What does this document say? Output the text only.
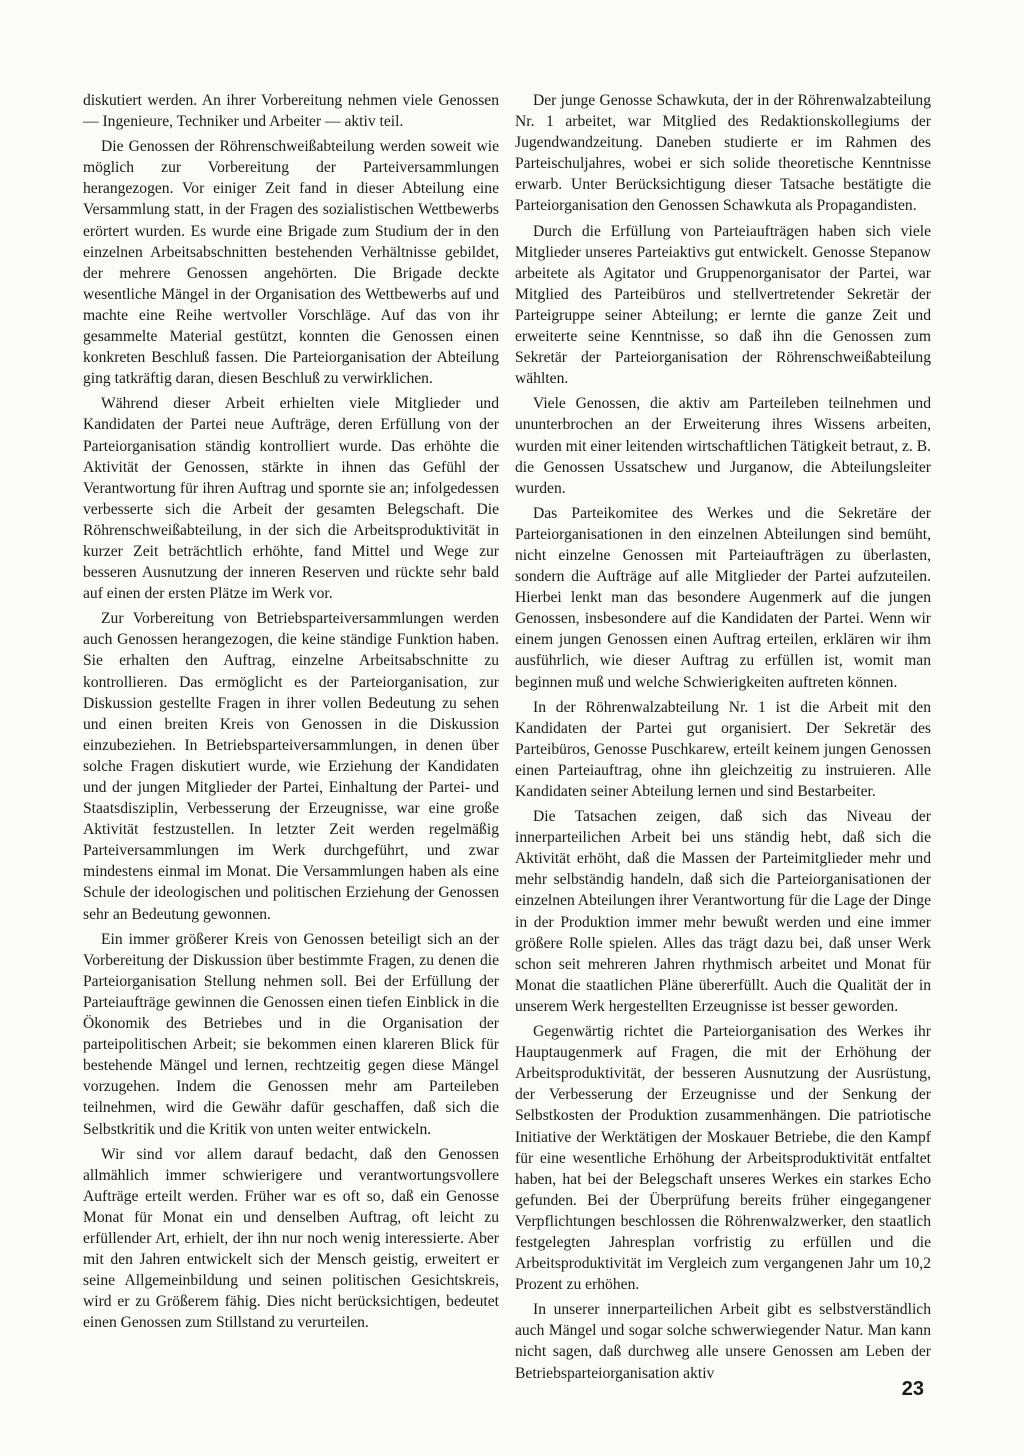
diskutiert werden. An ihrer Vorbereitung nehmen viele Genossen — Ingenieure, Techniker und Arbeiter — aktiv teil.

Die Genossen der Röhrenschweißabteilung werden soweit wie möglich zur Vorbereitung der Parteiversammlungen herangezogen. Vor einiger Zeit fand in dieser Abteilung eine Versammlung statt, in der Fragen des sozialistischen Wettbewerbs erörtert wurden. Es wurde eine Brigade zum Studium der in den einzelnen Arbeitsabschnitten bestehenden Verhältnisse gebildet, der mehrere Genossen angehörten. Die Brigade deckte wesentliche Mängel in der Organisation des Wettbewerbs auf und machte eine Reihe wertvoller Vorschläge. Auf das von ihr gesammelte Material gestützt, konnten die Genossen einen konkreten Beschluß fassen. Die Parteiorganisation der Abteilung ging tatkräftig daran, diesen Beschluß zu verwirklichen.

Während dieser Arbeit erhielten viele Mitglieder und Kandidaten der Partei neue Aufträge, deren Erfüllung von der Parteiorganisation ständig kontrolliert wurde. Das erhöhte die Aktivität der Genossen, stärkte in ihnen das Gefühl der Verantwortung für ihren Auftrag und spornte sie an; infolgedessen verbesserte sich die Arbeit der gesamten Belegschaft. Die Röhrenschweißabteilung, in der sich die Arbeitsproduktivität in kurzer Zeit beträchtlich erhöhte, fand Mittel und Wege zur besseren Ausnutzung der inneren Reserven und rückte sehr bald auf einen der ersten Plätze im Werk vor.

Zur Vorbereitung von Betriebsparteiversammlungen werden auch Genossen herangezogen, die keine ständige Funktion haben. Sie erhalten den Auftrag, einzelne Arbeitsabschnitte zu kontrollieren. Das ermöglicht es der Parteiorganisation, zur Diskussion gestellte Fragen in ihrer vollen Bedeutung zu sehen und einen breiten Kreis von Genossen in die Diskussion einzubeziehen. In Betriebsparteiversammlungen, in denen über solche Fragen diskutiert wurde, wie Erziehung der Kandidaten und der jungen Mitglieder der Partei, Einhaltung der Partei- und Staatsdisziplin, Verbesserung der Erzeugnisse, war eine große Aktivität festzustellen. In letzter Zeit werden regelmäßig Parteiversammlungen im Werk durchgeführt, und zwar mindestens einmal im Monat. Die Versammlungen haben als eine Schule der ideologischen und politischen Erziehung der Genossen sehr an Bedeutung gewonnen.

Ein immer größerer Kreis von Genossen beteiligt sich an der Vorbereitung der Diskussion über bestimmte Fragen, zu denen die Parteiorganisation Stellung nehmen soll. Bei der Erfüllung der Parteiaufträge gewinnen die Genossen einen tiefen Einblick in die Ökonomik des Betriebes und in die Organisation der parteipolitischen Arbeit; sie bekommen einen klareren Blick für bestehende Mängel und lernen, rechtzeitig gegen diese Mängel vorzugehen. Indem die Genossen mehr am Parteileben teilnehmen, wird die Gewähr dafür geschaffen, daß sich die Selbstkritik und die Kritik von unten weiter entwickeln.

Wir sind vor allem darauf bedacht, daß den Genossen allmählich immer schwierigere und verantwortungsvollere Aufträge erteilt werden. Früher war es oft so, daß ein Genosse Monat für Monat ein und denselben Auftrag, oft leicht zu erfüllender Art, erhielt, der ihn nur noch wenig interessierte. Aber mit den Jahren entwickelt sich der Mensch geistig, erweitert er seine Allgemeinbildung und seinen politischen Gesichtskreis, wird er zu Größerem fähig. Dies nicht berücksichtigen, bedeutet einen Genossen zum Stillstand zu verurteilen.

Der junge Genosse Schawkuta, der in der Röhrenwalzabteilung Nr. 1 arbeitet, war Mitglied des Redaktionskollegiums der Jugendwandzeitung. Daneben studierte er im Rahmen des Parteischuljahres, wobei er sich solide theoretische Kenntnisse erwarb. Unter Berücksichtigung dieser Tatsache bestätigte die Parteiorganisation den Genossen Schawkuta als Propagandisten.

Durch die Erfüllung von Parteiaufträgen haben sich viele Mitglieder unseres Parteiaktivs gut entwickelt. Genosse Stepanow arbeitete als Agitator und Gruppenorganisator der Partei, war Mitglied des Parteibüros und stellvertretender Sekretär der Parteigruppe seiner Abteilung; er lernte die ganze Zeit und erweiterte seine Kenntnisse, so daß ihn die Genossen zum Sekretär der Parteiorganisation der Röhrenschweißabteilung wählten.

Viele Genossen, die aktiv am Parteileben teilnehmen und ununterbrochen an der Erweiterung ihres Wissens arbeiten, wurden mit einer leitenden wirtschaftlichen Tätigkeit betraut, z. B. die Genossen Ussatschew und Jurganow, die Abteilungsleiter wurden.

Das Parteikomitee des Werkes und die Sekretäre der Parteiorganisationen in den einzelnen Abteilungen sind bemüht, nicht einzelne Genossen mit Parteiaufträgen zu überlasten, sondern die Aufträge auf alle Mitglieder der Partei aufzuteilen. Hierbei lenkt man das besondere Augenmerk auf die jungen Genossen, insbesondere auf die Kandidaten der Partei. Wenn wir einem jungen Genossen einen Auftrag erteilen, erklären wir ihm ausführlich, wie dieser Auftrag zu erfüllen ist, womit man beginnen muß und welche Schwierigkeiten auftreten können.

In der Röhrenwalzabteilung Nr. 1 ist die Arbeit mit den Kandidaten der Partei gut organisiert. Der Sekretär des Parteibüros, Genosse Puschkarew, erteilt keinem jungen Genossen einen Parteiauftrag, ohne ihn gleichzeitig zu instruieren. Alle Kandidaten seiner Abteilung lernen und sind Bestarbeiter.

Die Tatsachen zeigen, daß sich das Niveau der innerparteilichen Arbeit bei uns ständig hebt, daß sich die Aktivität erhöht, daß die Massen der Parteimitglieder mehr und mehr selbständig handeln, daß sich die Parteiorganisationen der einzelnen Abteilungen ihrer Verantwortung für die Lage der Dinge in der Produktion immer mehr bewußt werden und eine immer größere Rolle spielen. Alles das trägt dazu bei, daß unser Werk schon seit mehreren Jahren rhythmisch arbeitet und Monat für Monat die staatlichen Pläne übererfüllt. Auch die Qualität der in unserem Werk hergestellten Erzeugnisse ist besser geworden.

Gegenwärtig richtet die Parteiorganisation des Werkes ihr Hauptaugenmerk auf Fragen, die mit der Erhöhung der Arbeitsproduktivität, der besseren Ausnutzung der Ausrüstung, der Verbesserung der Erzeugnisse und der Senkung der Selbstkosten der Produktion zusammenhängen. Die patriotische Initiative der Werktätigen der Moskauer Betriebe, die den Kampf für eine wesentliche Erhöhung der Arbeitsproduktivität entfaltet haben, hat bei der Belegschaft unseres Werkes ein starkes Echo gefunden. Bei der Überprüfung bereits früher eingegangener Verpflichtungen beschlossen die Röhrenwalzwerker, den staatlich festgelegten Jahresplan vorfristig zu erfüllen und die Arbeitsproduktivität im Vergleich zum vergangenen Jahr um 10,2 Prozent zu erhöhen.

In unserer innerparteilichen Arbeit gibt es selbstverständlich auch Mängel und sogar solche schwerwiegender Natur. Man kann nicht sagen, daß durchweg alle unsere Genossen am Leben der Betriebsparteiorganisation aktiv

23
